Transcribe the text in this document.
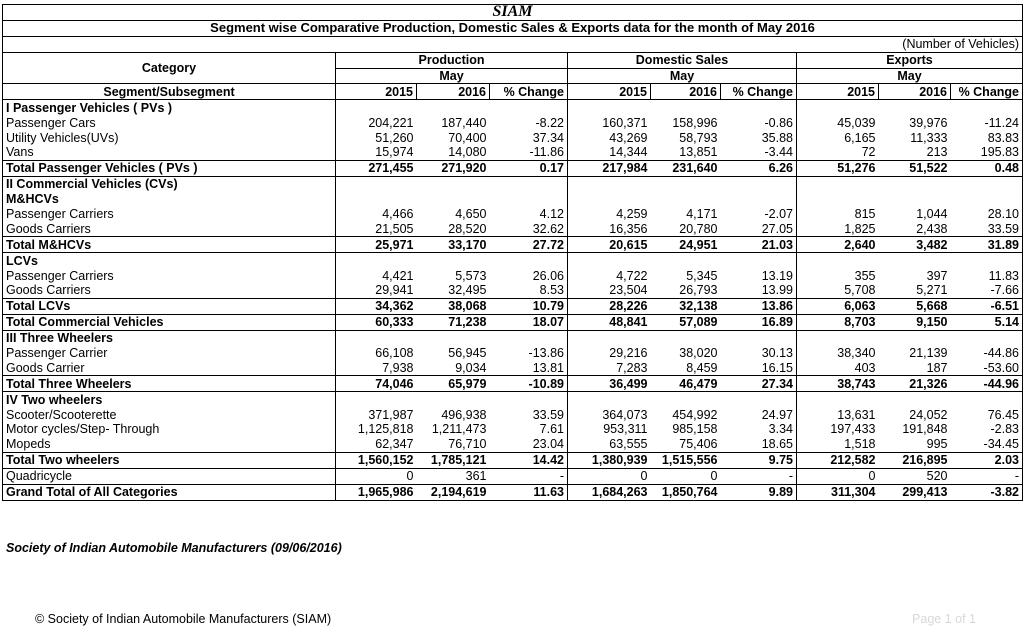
SIAM									
Segment wise Comparative Production, Domestic Sales & Exports data for the month of May 2016									
(Number of Vehicles)									
Category	Production			Domestic Sales			Exports		
	May			May			May		
Segment/Subsegment	2015	2016	% Change	2015	2016	% Change	2015	2016	% Change
I Passenger Vehicles ( PVs )									
Passenger Cars	204,221	187,440	-8.22	160,371	158,996	-0.86	45,039	39,976	-11.24
Utility Vehicles(UVs)	51,260	70,400	37.34	43,269	58,793	35.88	6,165	11,333	83.83
Vans	15,974	14,080	-11.86	14,344	13,851	-3.44	72	213	195.83
Total Passenger Vehicles ( PVs )	271,455	271,920	0.17	217,984	231,640	6.26	51,276	51,522	0.48
II Commercial Vehicles (CVs)									
M&HCVs									
Passenger Carriers	4,466	4,650	4.12	4,259	4,171	-2.07	815	1,044	28.10
Goods Carriers	21,505	28,520	32.62	16,356	20,780	27.05	1,825	2,438	33.59
Total M&HCVs	25,971	33,170	27.72	20,615	24,951	21.03	2,640	3,482	31.89
LCVs									
Passenger Carriers	4,421	5,573	26.06	4,722	5,345	13.19	355	397	11.83
Goods Carriers	29,941	32,495	8.53	23,504	26,793	13.99	5,708	5,271	-7.66
Total LCVs	34,362	38,068	10.79	28,226	32,138	13.86	6,063	5,668	-6.51
Total Commercial Vehicles	60,333	71,238	18.07	48,841	57,089	16.89	8,703	9,150	5.14
III Three Wheelers									
Passenger Carrier	66,108	56,945	-13.86	29,216	38,020	30.13	38,340	21,139	-44.86
Goods Carrier	7,938	9,034	13.81	7,283	8,459	16.15	403	187	-53.60
Total Three Wheelers	74,046	65,979	-10.89	36,499	46,479	27.34	38,743	21,326	-44.96
IV Two wheelers									
Scooter/Scooterette	371,987	496,938	33.59	364,073	454,992	24.97	13,631	24,052	76.45
Motor cycles/Step- Through	1,125,818	1,211,473	7.61	953,311	985,158	3.34	197,433	191,848	-2.83
Mopeds	62,347	76,710	23.04	63,555	75,406	18.65	1,518	995	-34.45
Total Two wheelers	1,560,152	1,785,121	14.42	1,380,939	1,515,556	9.75	212,582	216,895	2.03
Quadricycle	0	361	-	0	0	-	0	520	-
Grand Total of All Categories	1,965,986	2,194,619	11.63	1,684,263	1,850,764	9.89	311,304	299,413	-3.82
Society of Indian Automobile Manufacturers (09/06/2016)
© Society of Indian Automobile Manufacturers (SIAM)	Page 1 of 1
